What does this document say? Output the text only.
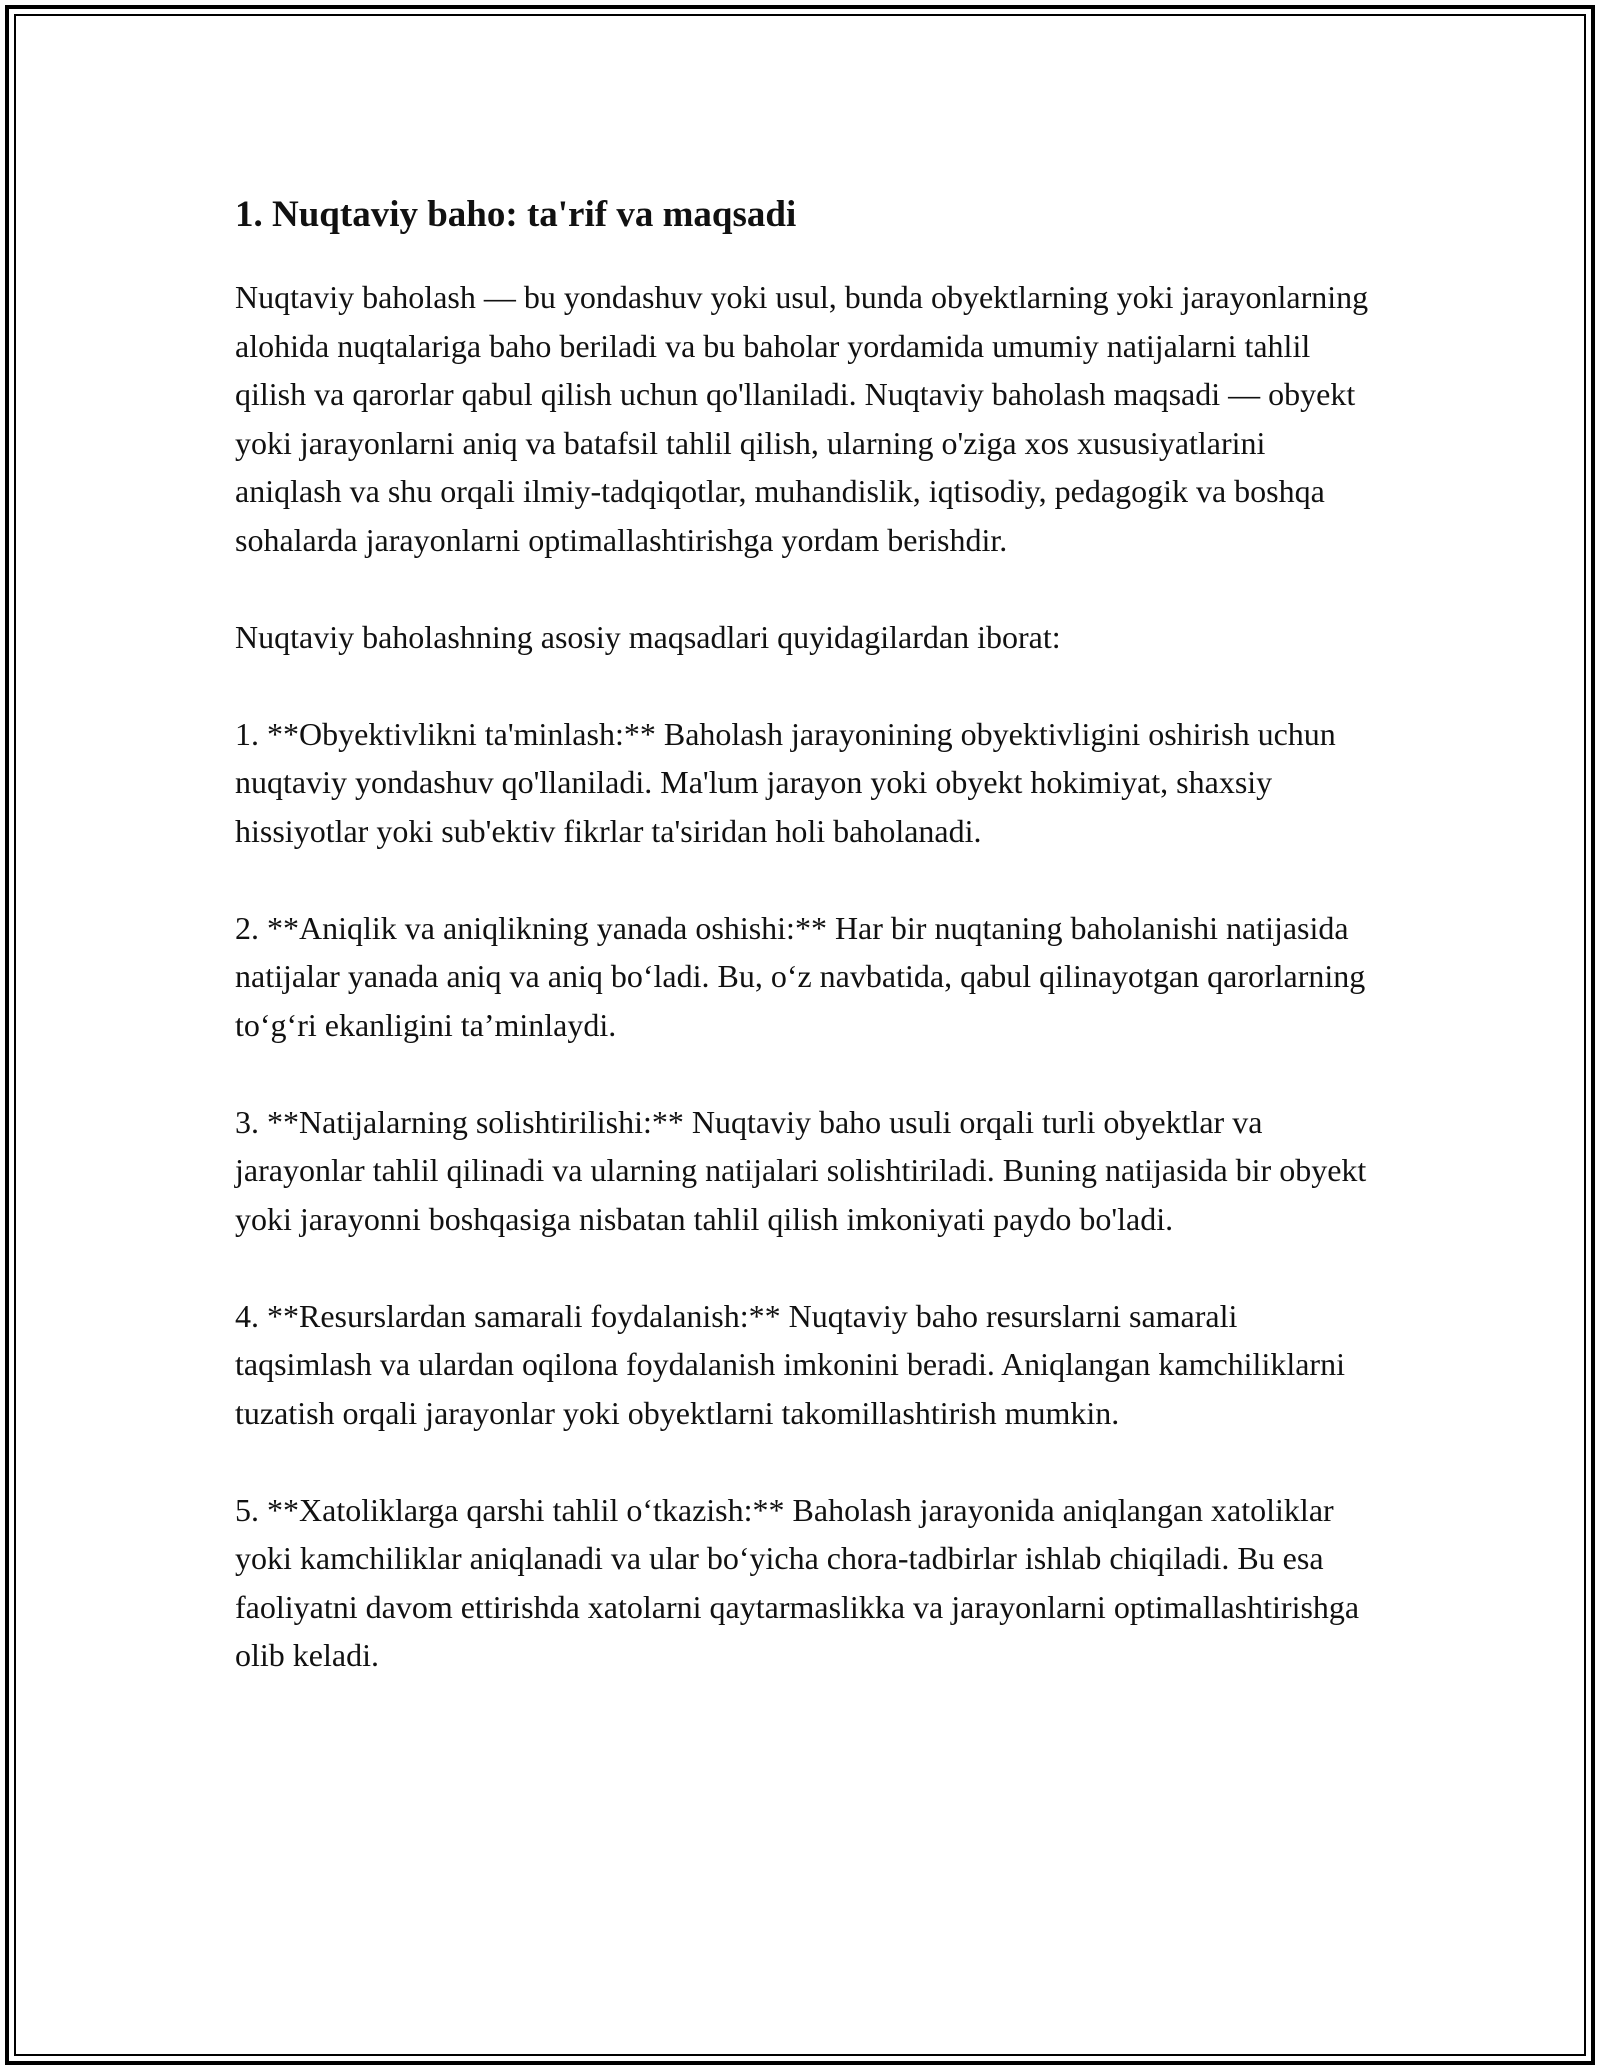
1. Nuqtaviy baho: ta'rif va maqsadi

Nuqtaviy baholash — bu yondashuv yoki usul, bunda obyektlarning yoki jarayonlarning alohida nuqtalariga baho beriladi va bu baholar yordamida umumiy natijalarni tahlil qilish va qarorlar qabul qilish uchun qo'llaniladi. Nuqtaviy baholash maqsadi — obyekt yoki jarayonlarni aniq va batafsil tahlil qilish, ularning o'ziga xos xususiyatlarini aniqlash va shu orqali ilmiy-tadqiqotlar, muhandislik, iqtisodiy, pedagogik va boshqa sohalarda jarayonlarni optimallashtirishga yordam berishdir.

Nuqtaviy baholashning asosiy maqsadlari quyidagilardan iborat:

1. **Obyektivlikni ta'minlash:** Baholash jarayonining obyektivligini oshirish uchun nuqtaviy yondashuv qo'llaniladi. Ma'lum jarayon yoki obyekt hokimiyat, shaxsiy hissiyotlar yoki sub'ektiv fikrlar ta'siridan holi baholanadi.

2. **Aniqlik va aniqlikning yanada oshishi:** Har bir nuqtaning baholanishi natijasida natijalar yanada aniq va aniq bo‘ladi. Bu, o‘z navbatida, qabul qilinayotgan qarorlarning to‘g‘ri ekanligini ta’minlaydi.

3. **Natijalarning solishtirilishi:** Nuqtaviy baho usuli orqali turli obyektlar va jarayonlar tahlil qilinadi va ularning natijalari solishtiriladi. Buning natijasida bir obyekt yoki jarayonni boshqasiga nisbatan tahlil qilish imkoniyati paydo bo'ladi.

4. **Resurslardan samarali foydalanish:** Nuqtaviy baho resurslarni samarali taqsimlash va ulardan oqilona foydalanish imkonini beradi. Aniqlangan kamchiliklarni tuzatish orqali jarayonlar yoki obyektlarni takomillashtirish mumkin.

5. **Xatoliklarga qarshi tahlil o‘tkazish:** Baholash jarayonida aniqlangan xatoliklar yoki kamchiliklar aniqlanadi va ular bo‘yicha chora-tadbirlar ishlab chiqiladi. Bu esa faoliyatni davom ettirishda xatolarni qaytarmaslikka va jarayonlarni optimallashtirishga olib keladi.
